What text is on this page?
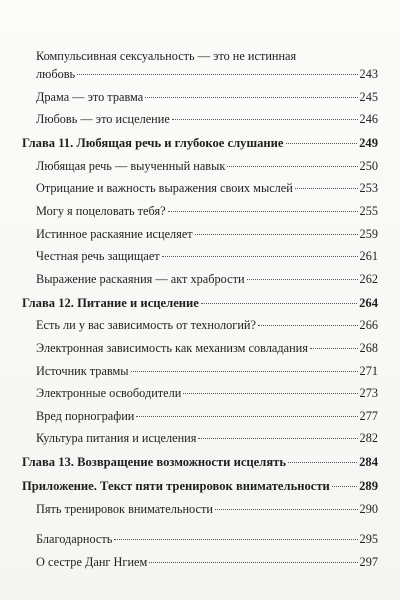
Компульсивная сексуальность — это не истинная
любовь	243
Драма — это травма	245
Любовь — это исцеление	246
Глава 11. Любящая речь и глубокое слушание	249
Любящая речь — выученный навык	250
Отрицание и важность выражения своих мыслей	253
Могу я поцеловать тебя?	255
Истинное раскаяние исцеляет	259
Честная речь защищает	261
Выражение раскаяния — акт храбрости	262
Глава 12. Питание и исцеление	264
Есть ли у вас зависимость от технологий?	266
Электронная зависимость как механизм совладания	268
Источник травмы	271
Электронные освободители	273
Вред порнографии	277
Культура питания и исцеления	282
Глава 13. Возвращение возможности исцелять	284
Приложение. Текст пяти тренировок внимательности 289
Пять тренировок внимательности	290
Благодарность	295
О сестре Данг Нгием	297
